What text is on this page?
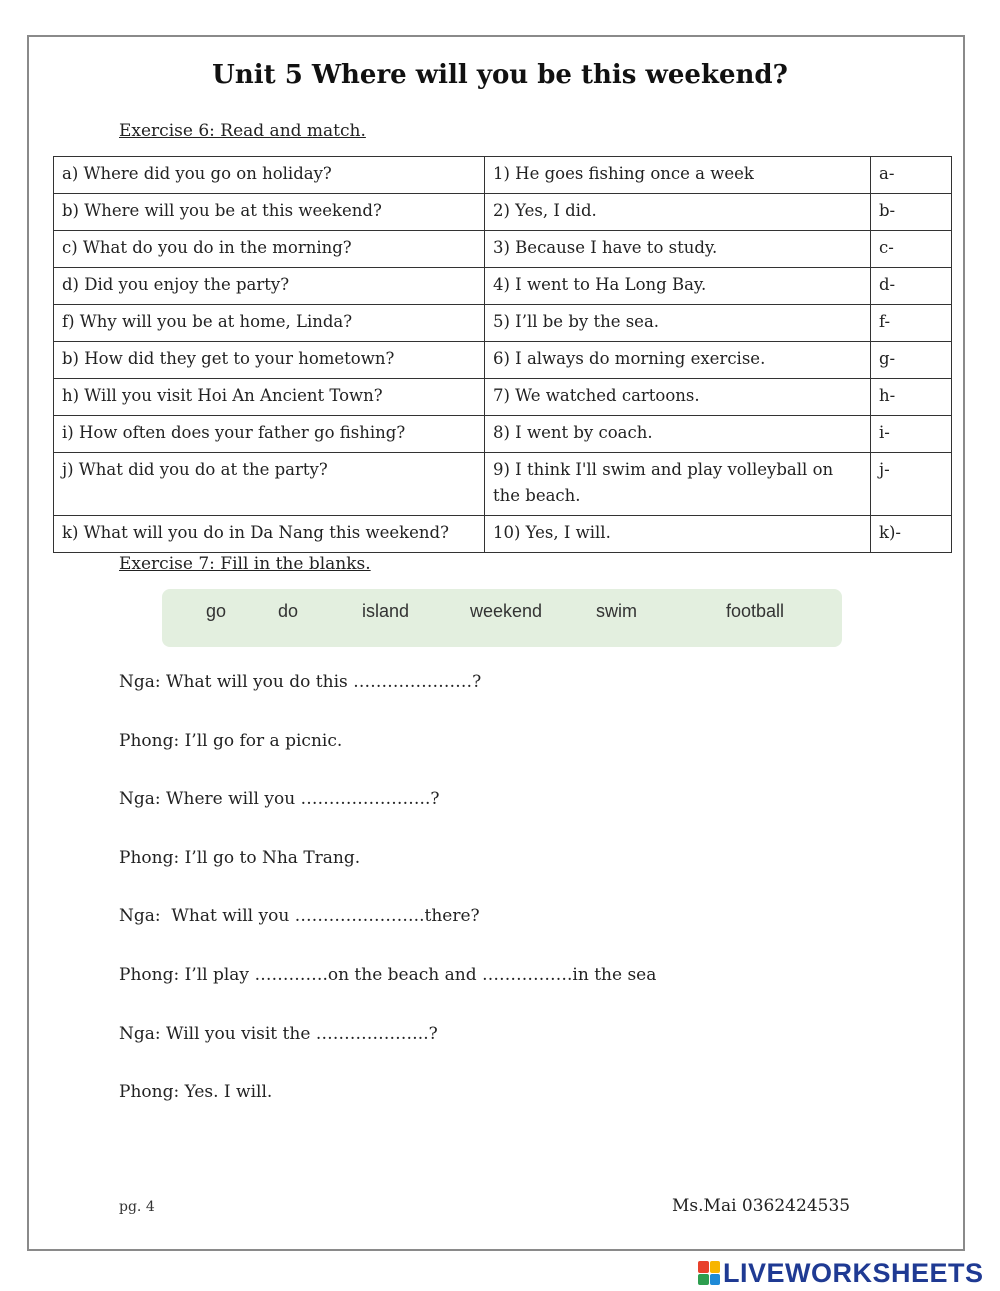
Unit 5 Where will you be this weekend?
Exercise 6: Read and match.
a) Where did you go on holiday?	1) He goes fishing once a week	a-
b) Where will you be at this weekend?	2) Yes, I did.	b-
c) What do you do in the morning?	3) Because I have to study.	c-
d) Did you enjoy the party?	4) I went to Ha Long Bay.	d-
f) Why will you be at home, Linda?	5) I’ll be by the sea.	f-
b) How did they get to your hometown?	6) I always do morning exercise.	g-
h) Will you visit Hoi An Ancient Town?	7) We watched cartoons.	h-
i) How often does your father go fishing?	8) I went by coach.	i-
j) What did you do at the party?	9) I think I'll swim and play volleyball on the beach.	j-
k) What will you do in Da Nang this weekend?	10) Yes, I will.	k)-
Exercise 7: Fill in the blanks.
go	do	island	weekend	swim	football
Nga: What will you do this …………………?
Phong: I’ll go for a picnic.
Nga: Where will you …………………..?
Phong: I’ll go to Nha Trang.
Nga:  What will you …………………..there?
Phong: I’ll play ………….on the beach and …………….in the sea
Nga: Will you visit the ………………..?
Phong: Yes. I will.
pg. 4	Ms.Mai 0362424535
LIVEWORKSHEETS
